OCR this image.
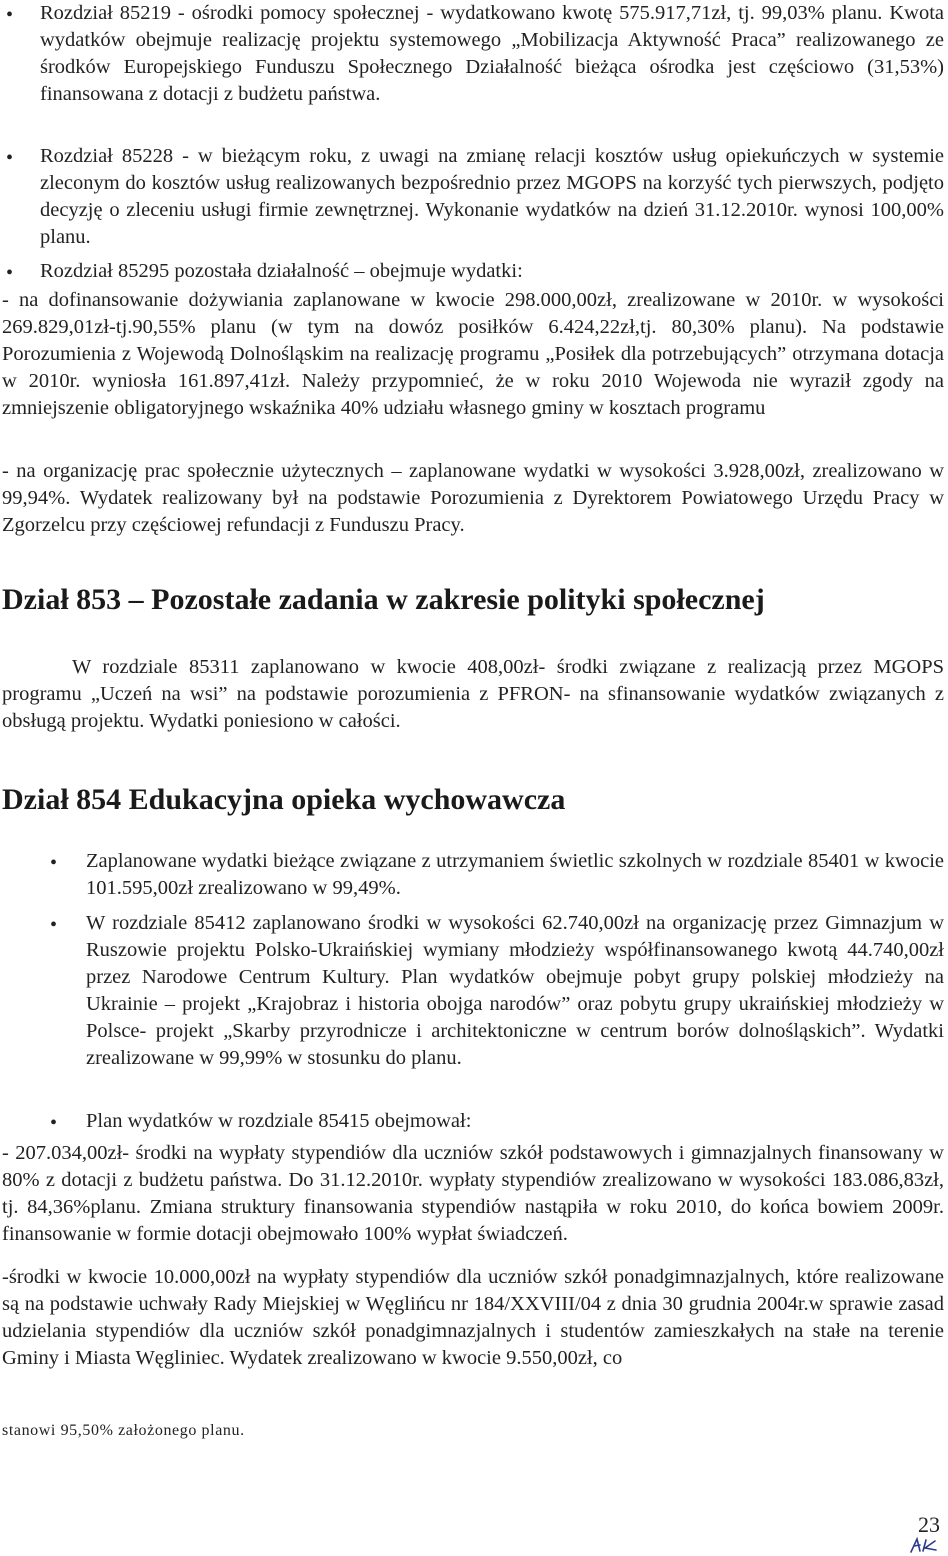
• Rozdział 85219 - ośrodki pomocy społecznej - wydatkowano kwotę 575.917,71zł, tj. 99,03% planu. Kwota wydatków obejmuje realizację projektu systemowego „Mobilizacja Aktywność Praca” realizowanego ze środków Europejskiego Funduszu Społecznego Działalność bieżąca ośrodka jest częściowo (31,53%) finansowana z dotacji z budżetu państwa.

• Rozdział 85228 - w bieżącym roku, z uwagi na zmianę relacji kosztów usług opiekuńczych w systemie zleconym do kosztów usług realizowanych bezpośrednio przez MGOPS na korzyść tych pierwszych, podjęto decyzję o zleceniu usługi firmie zewnętrznej. Wykonanie wydatków na dzień 31.12.2010r. wynosi 100,00% planu.

• Rozdział 85295 pozostała działalność – obejmuje wydatki:

- na dofinansowanie dożywiania zaplanowane w kwocie 298.000,00zł, zrealizowane w 2010r. w wysokości 269.829,01zł-tj.90,55% planu (w tym na dowóz posiłków 6.424,22zł,tj. 80,30% planu). Na podstawie Porozumienia z Wojewodą Dolnośląskim na realizację programu „Posiłek dla potrzebujących” otrzymana dotacja w 2010r. wyniosła 161.897,41zł. Należy przypomnieć, że w roku 2010 Wojewoda nie wyraził zgody na zmniejszenie obligatoryjnego wskaźnika 40% udziału własnego gminy w kosztach programu

- na organizację prac społecznie użytecznych – zaplanowane wydatki w wysokości 3.928,00zł, zrealizowano w 99,94%. Wydatek realizowany był na podstawie Porozumienia z Dyrektorem Powiatowego Urzędu Pracy w Zgorzelcu przy częściowej refundacji z Funduszu Pracy.

Dział 853 – Pozostałe zadania w zakresie polityki społecznej

W rozdziale 85311 zaplanowano w kwocie 408,00zł- środki związane z realizacją przez MGOPS programu „Uczeń na wsi” na podstawie porozumienia z PFRON- na sfinansowanie wydatków związanych z obsługą projektu. Wydatki poniesiono w całości.

Dział 854 Edukacyjna opieka wychowawcza
• Zaplanowane wydatki bieżące związane z utrzymaniem świetlic szkolnych w rozdziale 85401 w kwocie 101.595,00zł zrealizowano w 99,49%.

• W rozdziale 85412 zaplanowano środki w wysokości 62.740,00zł na organizację przez Gimnazjum w Ruszowie projektu Polsko-Ukraińskiej wymiany młodzieży współfinansowanego kwotą 44.740,00zł przez Narodowe Centrum Kultury. Plan wydatków obejmuje pobyt grupy polskiej młodzieży na Ukrainie – projekt „Krajobraz i historia obojga narodów” oraz pobytu grupy ukraińskiej młodzieży w Polsce- projekt „Skarby przyrodnicze i architektoniczne w centrum borów dolnośląskich”. Wydatki zrealizowane w 99,99% w stosunku do planu.

• Plan wydatków w rozdziale 85415 obejmował:

- 207.034,00zł- środki na wypłaty stypendiów dla uczniów szkół podstawowych i gimnazjalnych finansowany w 80% z dotacji z budżetu państwa. Do 31.12.2010r. wypłaty stypendiów zrealizowano w wysokości 183.086,83zł, tj. 84,36%planu. Zmiana struktury finansowania stypendiów nastąpiła w roku 2010, do końca bowiem 2009r. finansowanie w formie dotacji obejmowało 100% wypłat świadczeń.

-środki w kwocie 10.000,00zł na wypłaty stypendiów dla uczniów szkół ponadgimnazjalnych, które realizowane są na podstawie uchwały Rady Miejskiej w Węglińcu nr 184/XXVIII/04 z dnia 30 grudnia 2004r.w sprawie zasad udzielania stypendiów dla uczniów szkół ponadgimnazjalnych i studentów zamieszkałych na stałe na terenie Gminy i Miasta Węgliniec. Wydatek zrealizowano w kwocie 9.550,00zł, co

stanowi 95,50% założonego planu.

23
